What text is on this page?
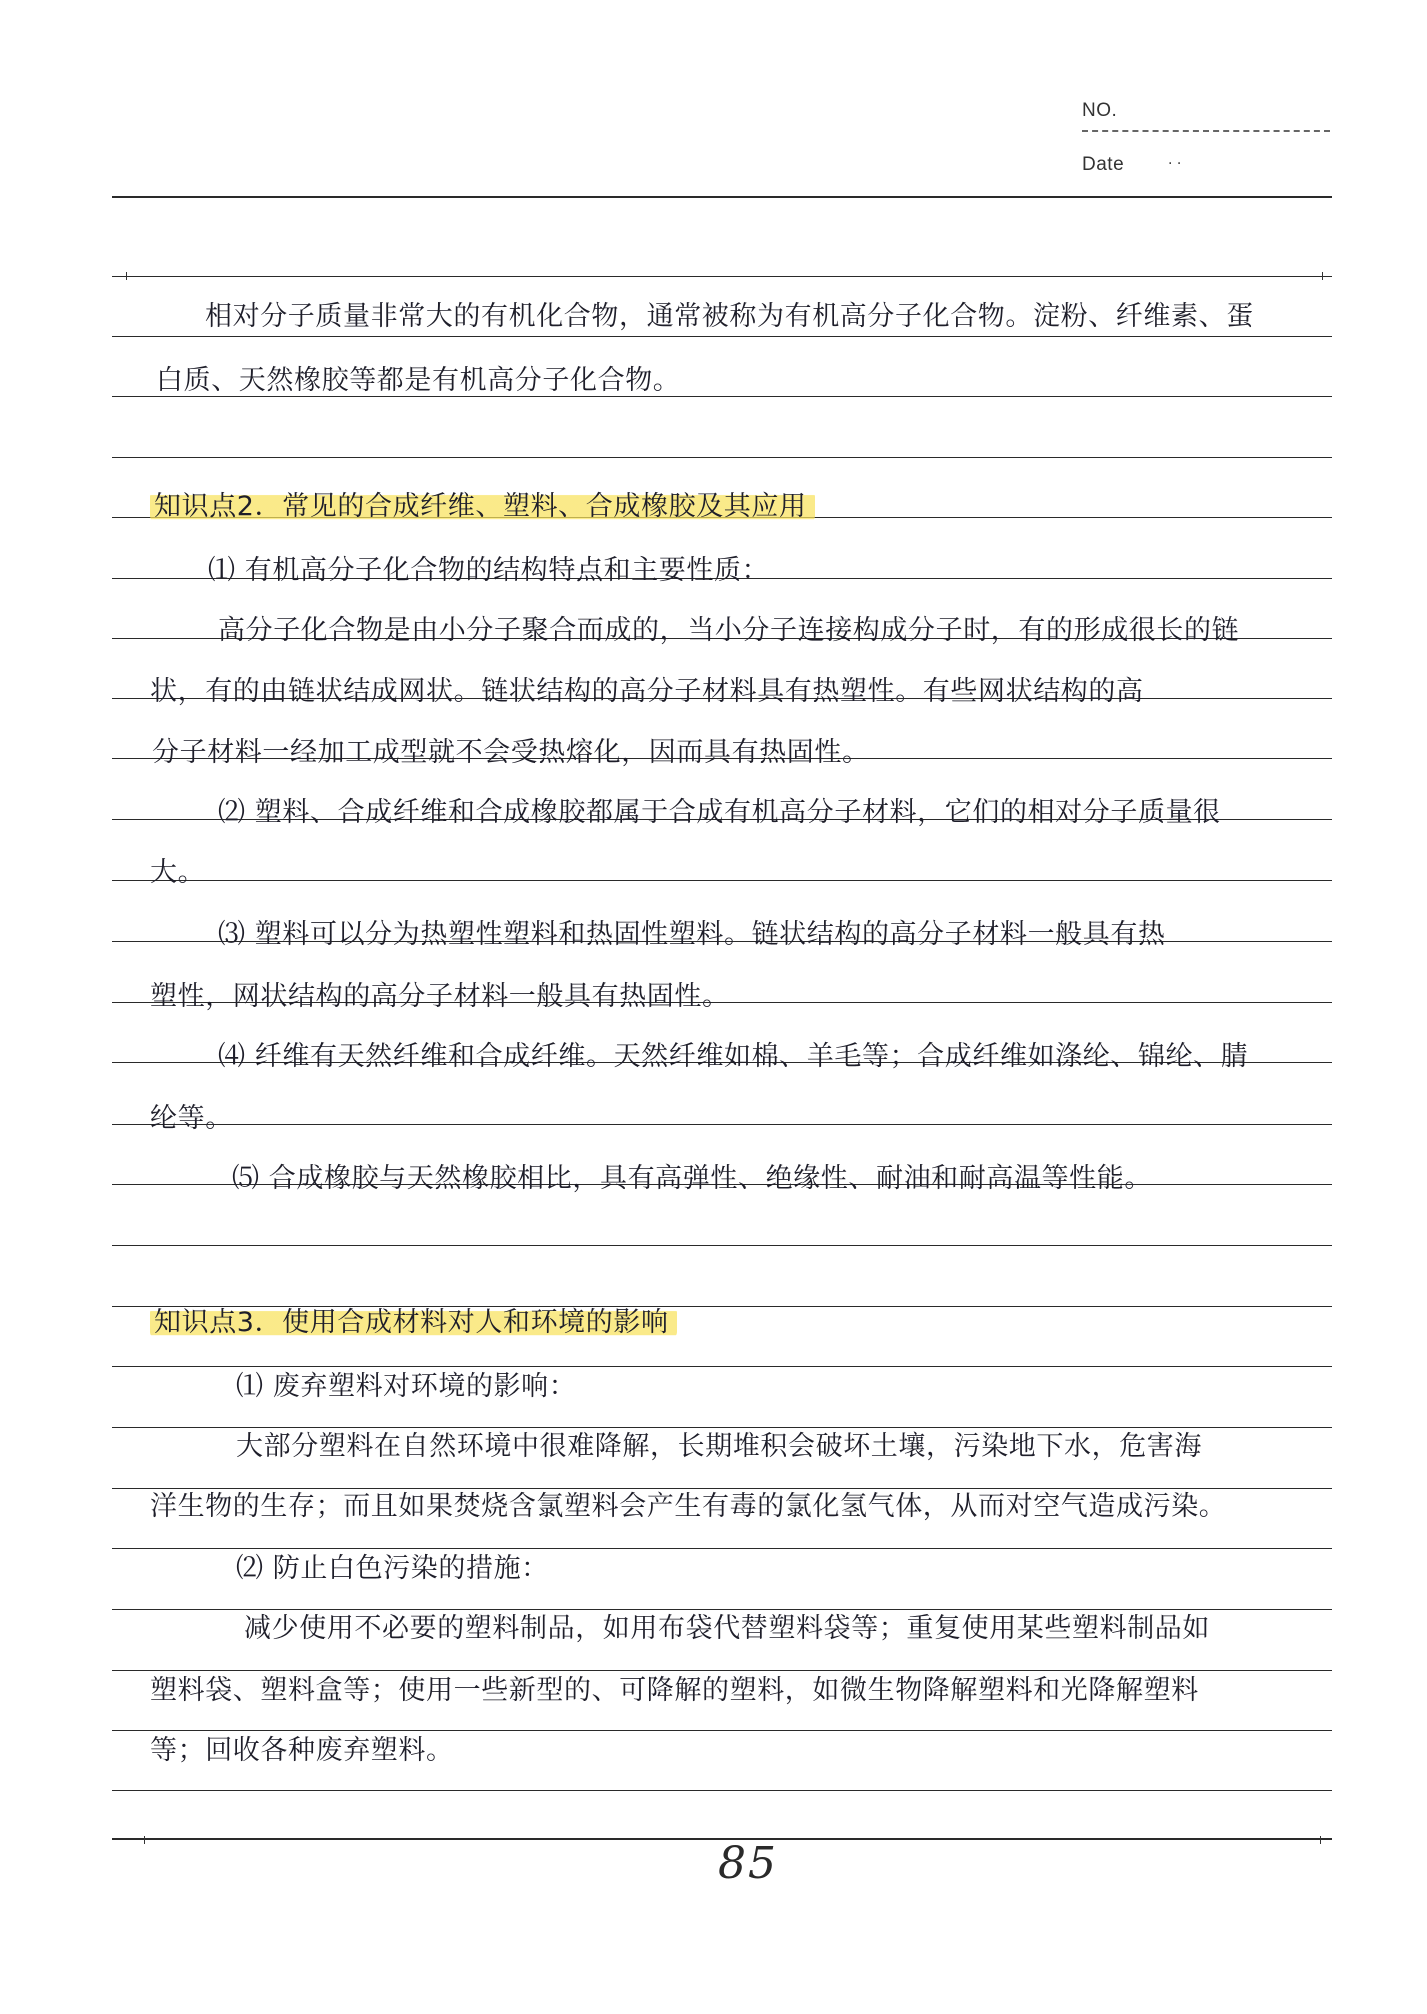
NO.
Date	· ·
相对分子质量非常大的有机化合物，通常被称为有机高分子化合物。淀粉、纤维素、蛋
白质、天然橡胶等都是有机高分子化合物。
知识点2．常见的合成纤维、塑料、合成橡胶及其应用
⑴ 有机高分子化合物的结构特点和主要性质：
高分子化合物是由小分子聚合而成的，当小分子连接构成分子时，有的形成很长的链
状，有的由链状结成网状。链状结构的高分子材料具有热塑性。有些网状结构的高
分子材料一经加工成型就不会受热熔化，因而具有热固性。
⑵ 塑料、合成纤维和合成橡胶都属于合成有机高分子材料，它们的相对分子质量很
大。
⑶ 塑料可以分为热塑性塑料和热固性塑料。链状结构的高分子材料一般具有热
塑性，网状结构的高分子材料一般具有热固性。
⑷ 纤维有天然纤维和合成纤维。天然纤维如棉、羊毛等；合成纤维如涤纶、锦纶、腈
纶等。
⑸ 合成橡胶与天然橡胶相比，具有高弹性、绝缘性、耐油和耐高温等性能。
知识点3．使用合成材料对人和环境的影响
⑴ 废弃塑料对环境的影响：
大部分塑料在自然环境中很难降解，长期堆积会破坏土壤，污染地下水，危害海
洋生物的生存；而且如果焚烧含氯塑料会产生有毒的氯化氢气体，从而对空气造成污染。
⑵ 防止白色污染的措施：
减少使用不必要的塑料制品，如用布袋代替塑料袋等；重复使用某些塑料制品如
塑料袋、塑料盒等；使用一些新型的、可降解的塑料，如微生物降解塑料和光降解塑料
等；回收各种废弃塑料。
85
